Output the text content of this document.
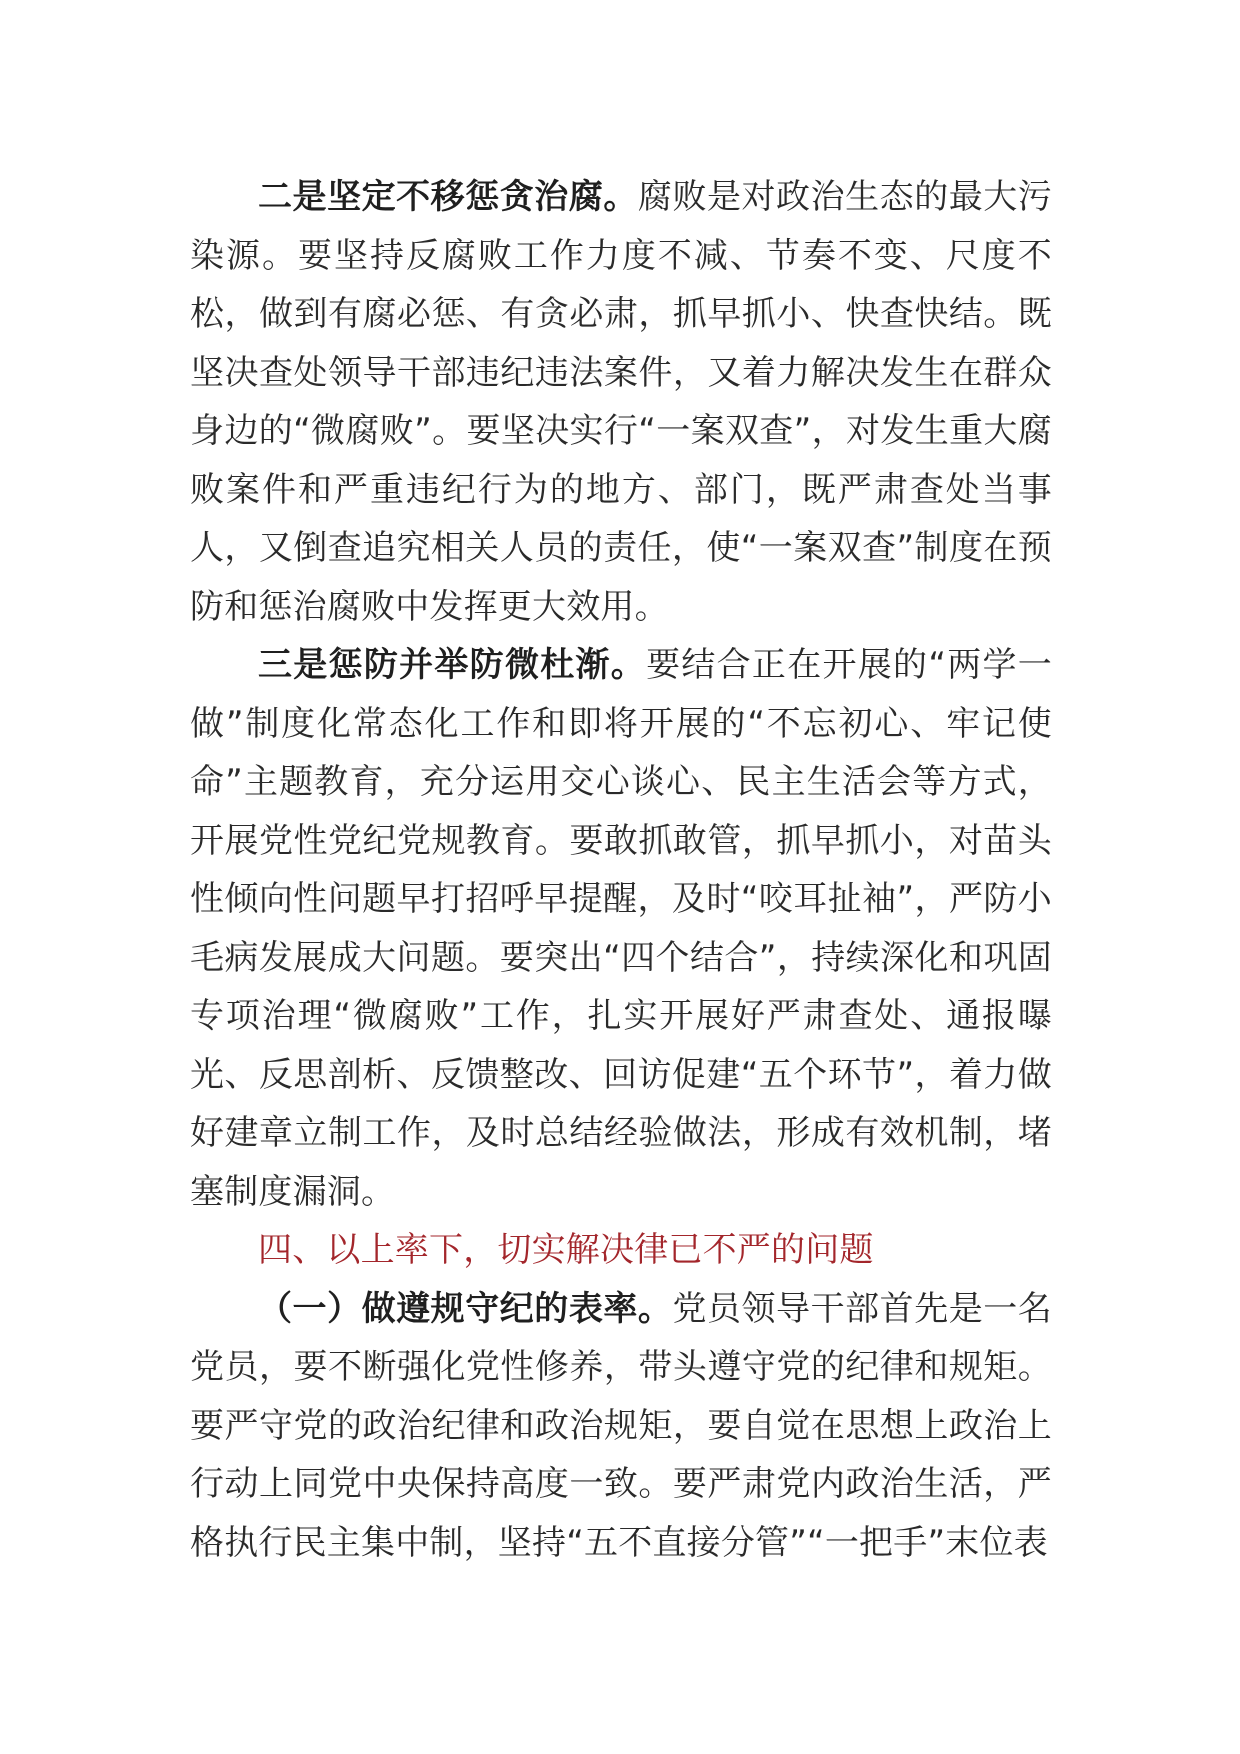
二是坚定不移惩贪治腐。腐败是对政治生态的最大污染源。要坚持反腐败工作力度不减、节奏不变、尺度不松，做到有腐必惩、有贪必肃，抓早抓小、快查快结。既坚决查处领导干部违纪违法案件，又着力解决发生在群众身边的“微腐败”。要坚决实行“一案双查”，对发生重大腐败案件和严重违纪行为的地方、部门，既严肃查处当事人，又倒查追究相关人员的责任，使“一案双查”制度在预防和惩治腐败中发挥更大效用。

三是惩防并举防微杜渐。要结合正在开展的“两学一做”制度化常态化工作和即将开展的“不忘初心、牢记使命”主题教育，充分运用交心谈心、民主生活会等方式，开展党性党纪党规教育。要敢抓敢管，抓早抓小，对苗头性倾向性问题早打招呼早提醒，及时“咬耳扯袖”，严防小毛病发展成大问题。要突出“四个结合”，持续深化和巩固专项治理“微腐败”工作，扎实开展好严肃查处、通报曝光、反思剖析、反馈整改、回访促建“五个环节”，着力做好建章立制工作，及时总结经验做法，形成有效机制，堵塞制度漏洞。

四、以上率下，切实解决律已不严的问题

（一）做遵规守纪的表率。党员领导干部首先是一名党员，要不断强化党性修养，带头遵守党的纪律和规矩。要严守党的政治纪律和政治规矩，要自觉在思想上政治上行动上同党中央保持高度一致。要严肃党内政治生活，严格执行民主集中制，坚持“五不直接分管”“一把手”末位表
